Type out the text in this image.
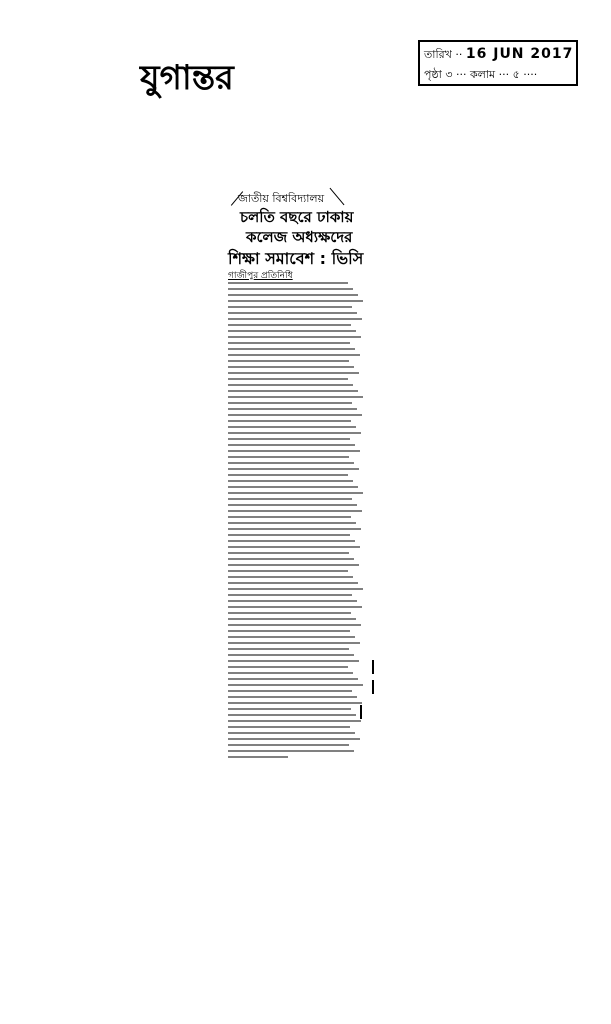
যুগান্তর
তারিখ ·· 16 JUN 2017
পৃষ্ঠা ৩ ··· কলাম ··· ৫ ····
জাতীয় বিশ্ববিদ্যালয়
চলতি বছরে ঢাকায়
কলেজ অধ্যক্ষদের
শিক্ষা সমাবেশ : ভিসি
গাজীপুর প্রতিনিধি
